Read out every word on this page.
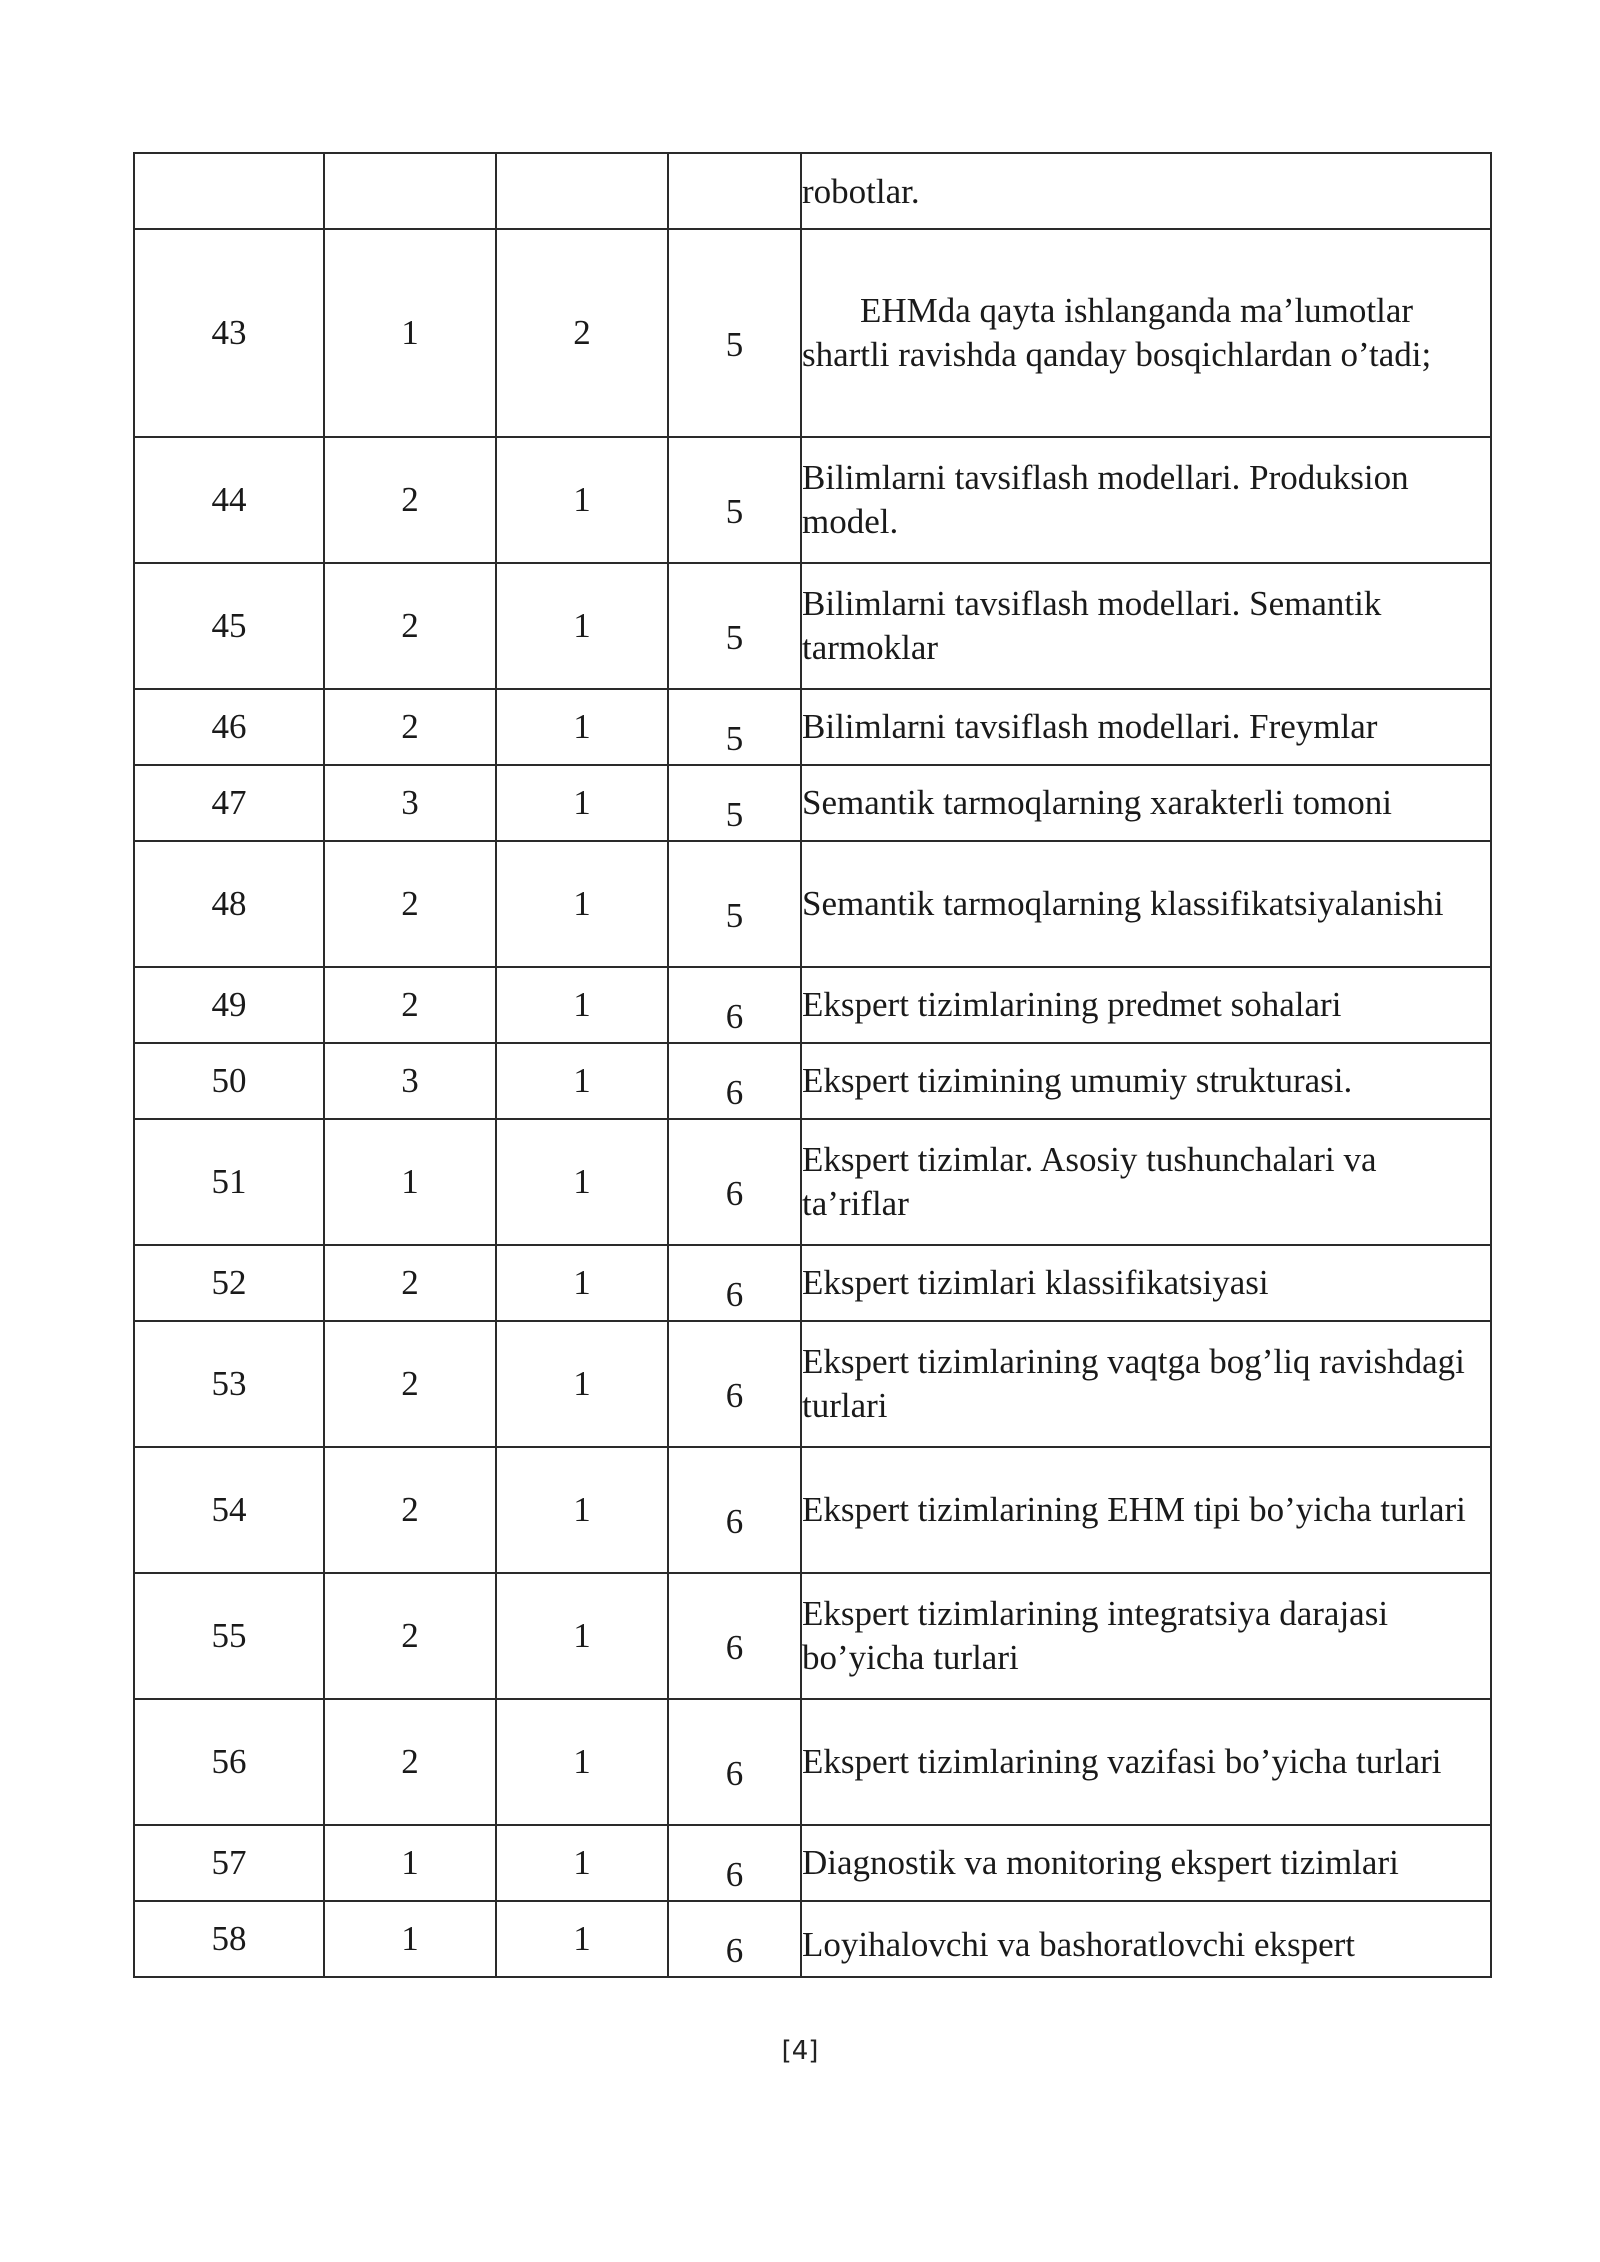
				robotlar.
43	1	2	5	EHMda qayta ishlanganda ma’lumotlar shartli ravishda qanday bosqichlardan o’tadi;

44	2	1	5	Bilimlarni tavsiflash modellari. Produksion model.
45	2	1	5	Bilimlarni tavsiflash modellari. Semantik tarmoklar
46	2	1	5	Bilimlarni tavsiflash modellari. Freymlar
47	3	1	5	Semantik tarmoqlarning xarakterli tomoni
48	2	1	5	Semantik tarmoqlarning klassifikatsiyalanishi
49	2	1	6	Ekspert tizimlarining predmet sohalari
50	3	1	6	Ekspert tizimining umumiy strukturasi.
51	1	1	6	Ekspert tizimlar. Asosiy tushunchalari va ta’riflar
52	2	1	6	Ekspert tizimlari klassifikatsiyasi
53	2	1	6	Ekspert tizimlarining vaqtga bog’liq ravishdagi turlari
54	2	1	6	Ekspert tizimlarining EHM tipi bo’yicha turlari
55	2	1	6	Ekspert tizimlarining integratsiya darajasi bo’yicha turlari
56	2	1	6	Ekspert tizimlarining vazifasi bo’yicha turlari
57	1	1	6	Diagnostik va monitoring ekspert tizimlari
58	1	1	6	Loyihalovchi va bashoratlovchi ekspert
[4]
